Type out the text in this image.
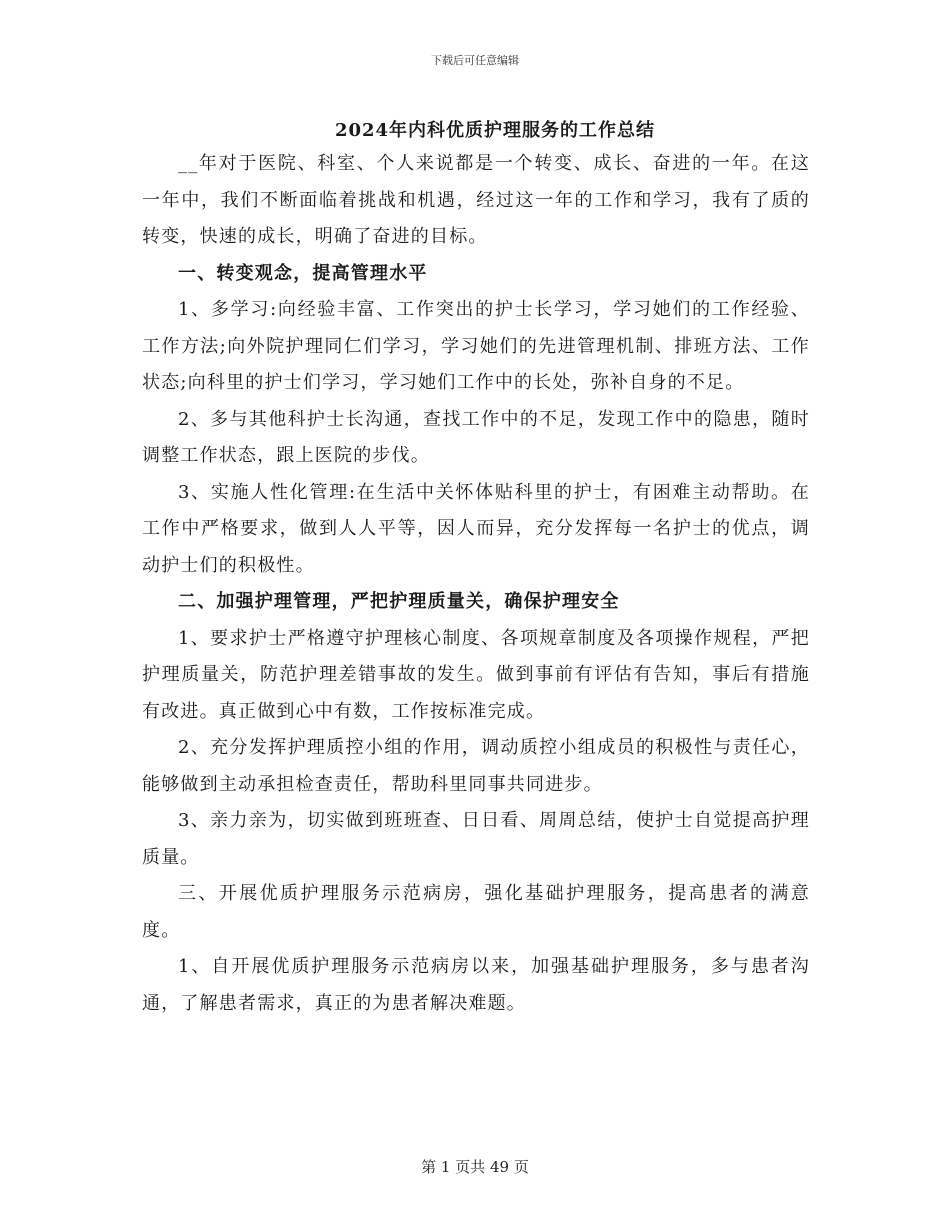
下载后可任意编辑
2024年内科优质护理服务的工作总结

__年对于医院、科室、个人来说都是一个转变、成长、奋进的一年。在这一年中，我们不断面临着挑战和机遇，经过这一年的工作和学习，我有了质的转变，快速的成长，明确了奋进的目标。

一、转变观念，提高管理水平

1、多学习:向经验丰富、工作突出的护士长学习，学习她们的工作经验、工作方法;向外院护理同仁们学习，学习她们的先进管理机制、排班方法、工作状态;向科里的护士们学习，学习她们工作中的长处，弥补自身的不足。

2、多与其他科护士长沟通，查找工作中的不足，发现工作中的隐患，随时调整工作状态，跟上医院的步伐。

3、实施人性化管理:在生活中关怀体贴科里的护士，有困难主动帮助。在工作中严格要求，做到人人平等，因人而异，充分发挥每一名护士的优点，调动护士们的积极性。

二、加强护理管理，严把护理质量关，确保护理安全

1、要求护士严格遵守护理核心制度、各项规章制度及各项操作规程，严把护理质量关，防范护理差错事故的发生。做到事前有评估有告知，事后有措施有改进。真正做到心中有数，工作按标准完成。

2、充分发挥护理质控小组的作用，调动质控小组成员的积极性与责任心，能够做到主动承担检查责任，帮助科里同事共同进步。

3、亲力亲为，切实做到班班查、日日看、周周总结，使护士自觉提高护理质量。

三、开展优质护理服务示范病房，强化基础护理服务，提高患者的满意度。

1、自开展优质护理服务示范病房以来，加强基础护理服务，多与患者沟通，了解患者需求，真正的为患者解决难题。

第 1 页共 49 页
